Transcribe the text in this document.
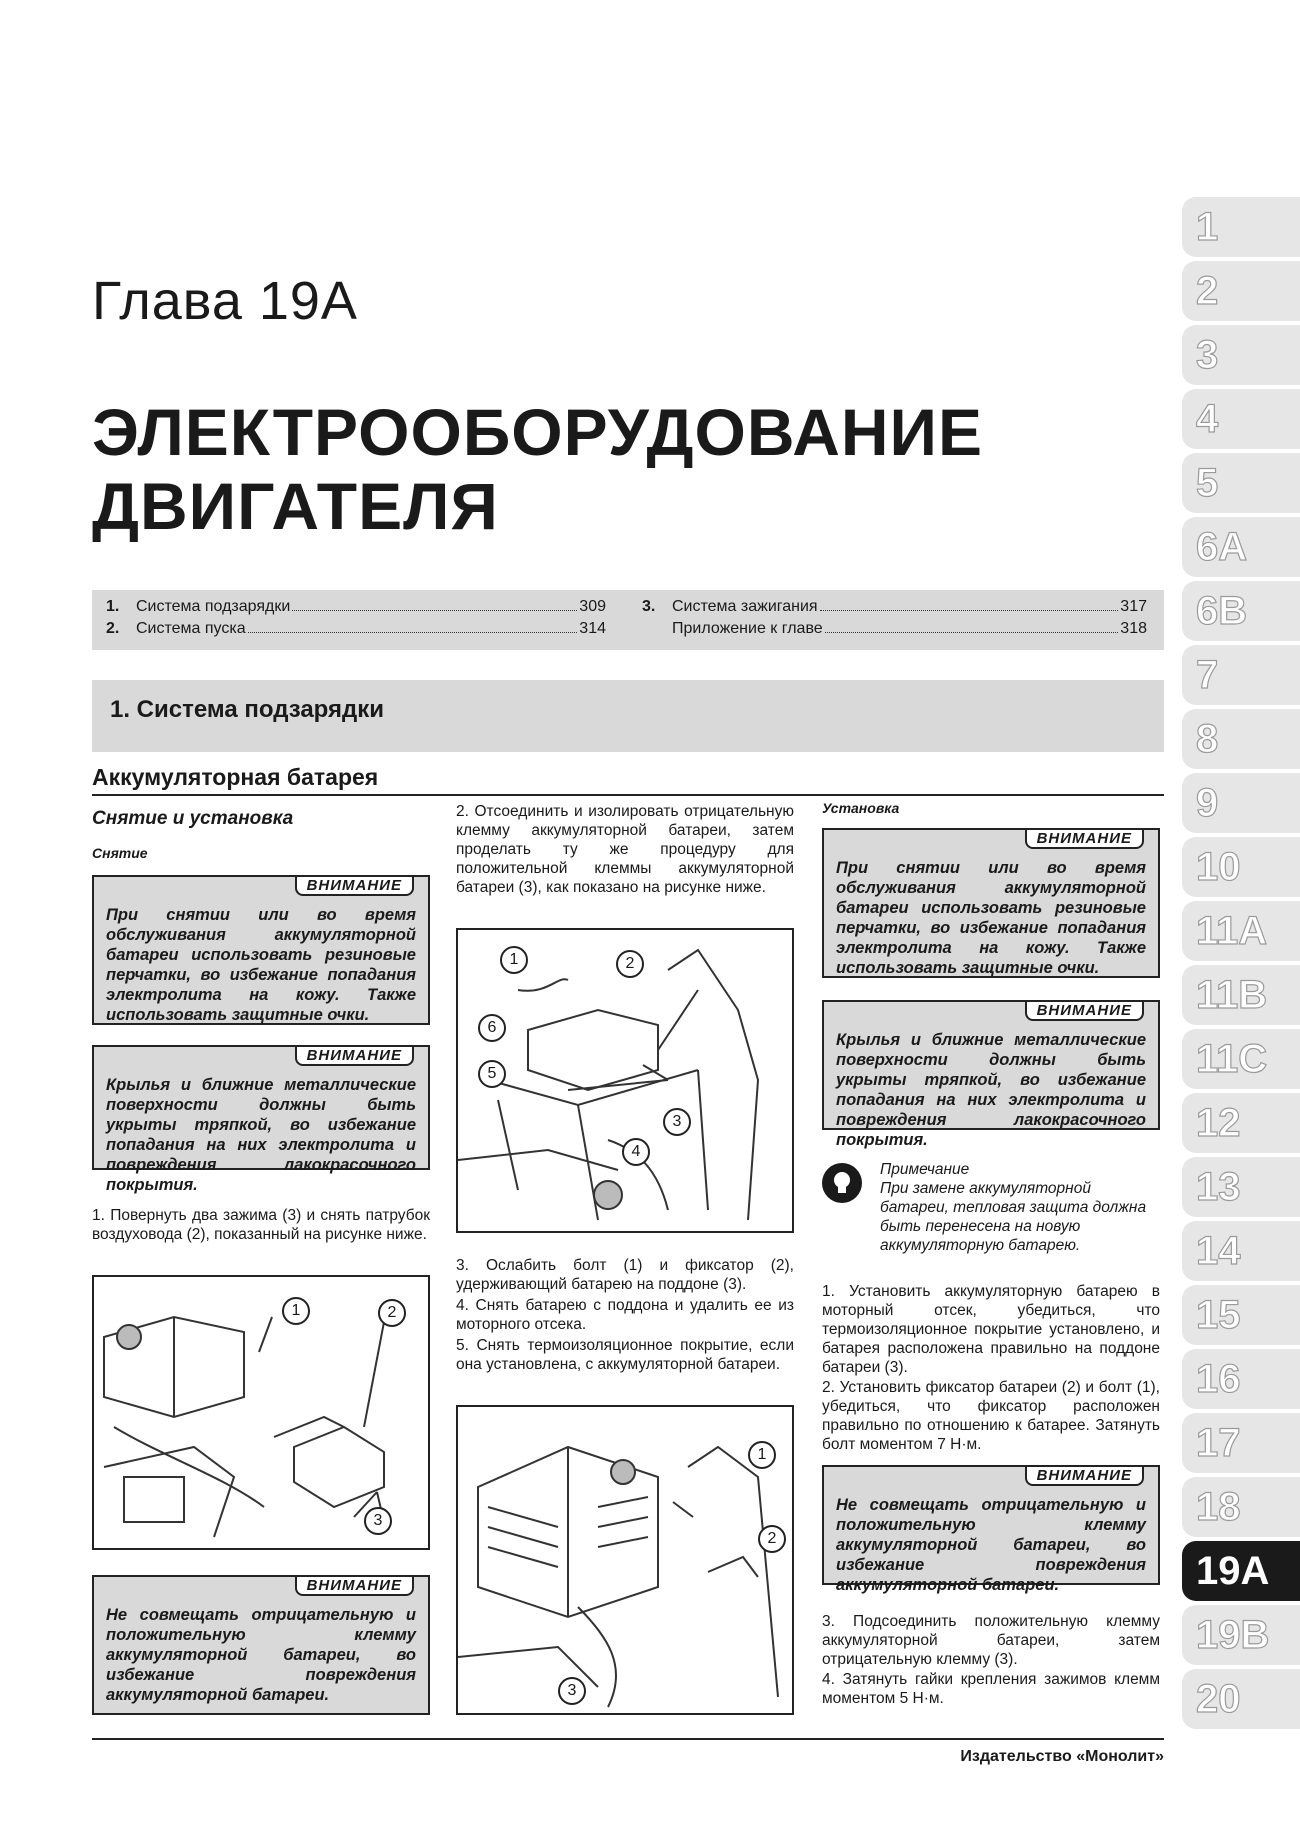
Глава 19А
ЭЛЕКТРООБОРУДОВАНИЕ
ДВИГАТЕЛЯ
1.	Система подзарядки	309
2.	Система пуска	314
3.	Система зажигания	317
Приложение к главе	318
1. Система подзарядки
Аккумуляторная батарея
Снятие и установка
Снятие
ВНИМАНИЕ
При снятии или во время обслуживания аккумуляторной батареи использовать резиновые перчатки, во избежание попадания электролита на кожу. Также использовать защитные очки.
ВНИМАНИЕ
Крылья и ближние металлические поверхности должны быть укрыты тряпкой, во избежание попадания на них электролита и повреждения лакокрасочного покрытия.
1. Повернуть два зажима (3) и снять патрубок воздуховода (2), показанный на рисунке ниже.
1	2
3
ВНИМАНИЕ
Не совмещать отрицательную и положительную клемму аккумуляторной батареи, во избежание повреждения аккумуляторной батареи.
2. Отсоединить и изолировать отрицательную клемму аккумуляторной батареи, затем проделать ту же процедуру для положительной клеммы аккумуляторной батареи (3), как показано на рисунке ниже.
1	2
3
4
5
6
3. Ослабить болт (1) и фиксатор (2), удерживающий батарею на поддоне (3).
4. Снять батарею с поддона и удалить ее из моторного отсека.
5. Снять термоизоляционное покрытие, если она установлена, с аккумуляторной батареи.
1
2
3
Установка
ВНИМАНИЕ
При снятии или во время обслуживания аккумуляторной батареи использовать резиновые перчатки, во избежание попадания электролита на кожу. Также использовать защитные очки.
ВНИМАНИЕ
Крылья и ближние металлические поверхности должны быть укрыты тряпкой, во избежание попадания на них электролита и повреждения лакокрасочного покрытия.
Примечание
При замене аккумуляторной батареи, тепловая защита должна быть перенесена на новую аккумуляторную батарею.
1. Установить аккумуляторную батарею в моторный отсек, убедиться, что термоизоляционное покрытие установлено, и батарея расположена правильно на поддоне батареи (3).
2. Установить фиксатор батареи (2) и болт (1), убедиться, что фиксатор расположен правильно по отношению к батарее. Затянуть болт моментом 7 Н·м.
ВНИМАНИЕ
Не совмещать отрицательную и положительную клемму аккумуляторной батареи, во избежание повреждения аккумуляторной батареи.
3. Подсоединить положительную клемму аккумуляторной батареи, затем отрицательную клемму (3).
4. Затянуть гайки крепления зажимов клемм моментом 5 Н·м.
Издательство «Монолит»
1
2
3
4
5
6А
6В
7
8
9
10
11А
11В
11С
12
13
14
15
16
17
18
19А
19В
20
